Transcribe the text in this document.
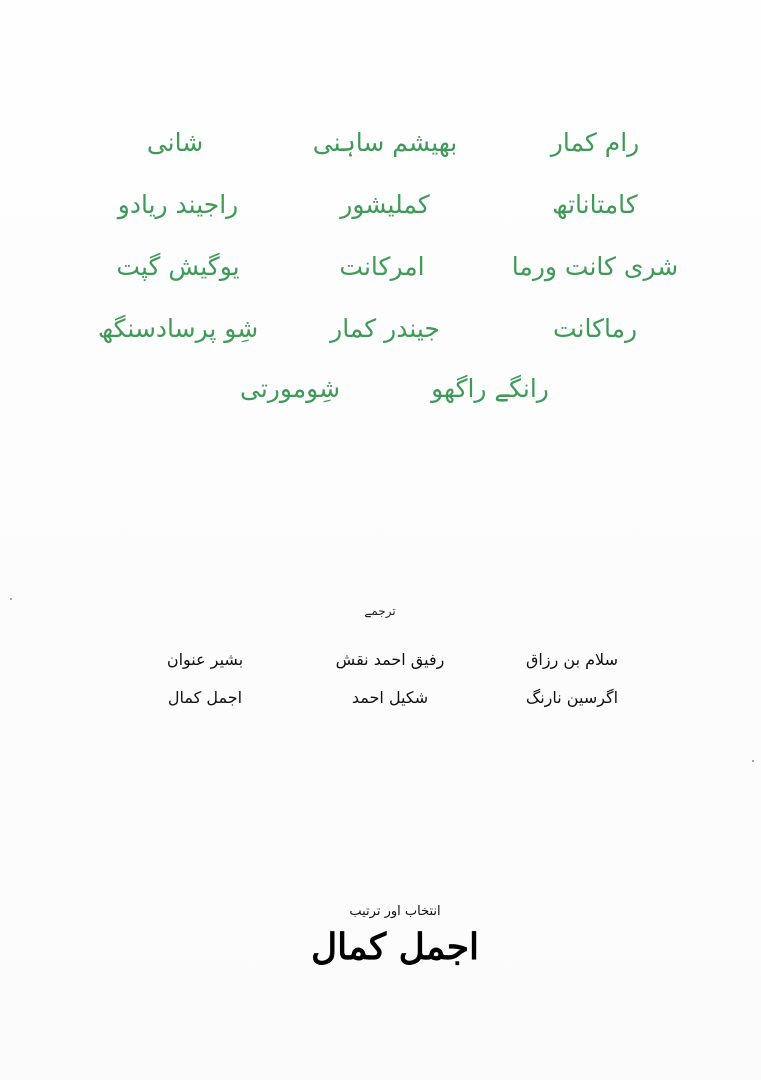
رام کمار
بھیشم ساہنی
شانی
کامتاناتھ
کملیشور
راجیند ریادو
شری کانت ورما
امرکانت
یوگیش گپت
رماکانت
جیندر کمار
شِو پرسادسنگھ
رانگے راگھو
شِومورتی
ترجمے
سلام بن رزاق
رفیق احمد نقش
بشیر عنوان
اگرسین نارنگ
شکیل احمد
اجمل کمال
انتخاب اور ترتیب
اجمل کمال
